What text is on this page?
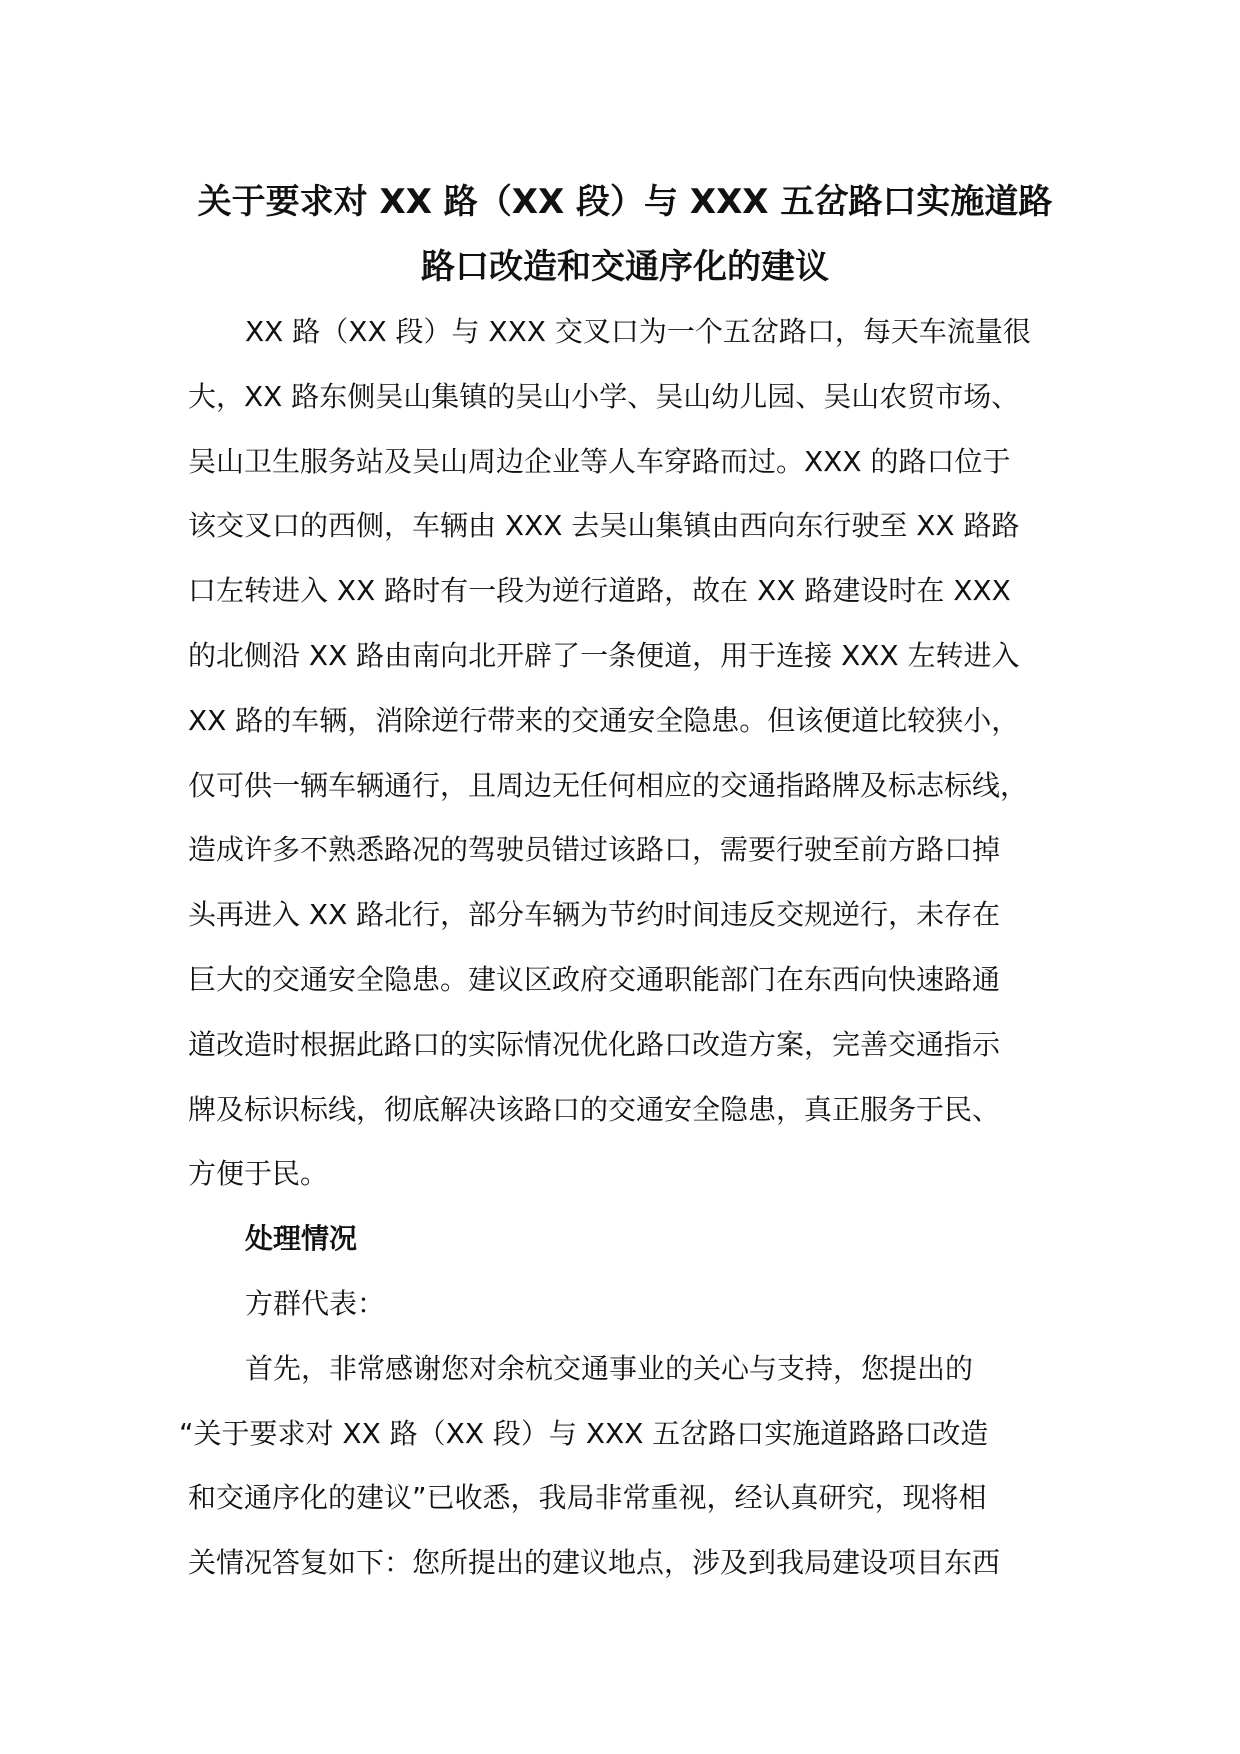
关于要求对 XX 路（XX 段）与 XXX 五岔路口实施道路

路口改造和交通序化的建议

XX 路（XX 段）与 XXX 交叉口为一个五岔路口，每天车流量很

大，XX 路东侧吴山集镇的吴山小学、吴山幼儿园、吴山农贸市场、

吴山卫生服务站及吴山周边企业等人车穿路而过。XXX 的路口位于

该交叉口的西侧，车辆由 XXX 去吴山集镇由西向东行驶至 XX 路路

口左转进入 XX 路时有一段为逆行道路，故在 XX 路建设时在 XXX

的北侧沿 XX 路由南向北开辟了一条便道，用于连接 XXX 左转进入

XX 路的车辆，消除逆行带来的交通安全隐患。但该便道比较狭小，

仅可供一辆车辆通行，且周边无任何相应的交通指路牌及标志标线，

造成许多不熟悉路况的驾驶员错过该路口，需要行驶至前方路口掉

头再进入 XX 路北行，部分车辆为节约时间违反交规逆行，未存在

巨大的交通安全隐患。建议区政府交通职能部门在东西向快速路通

道改造时根据此路口的实际情况优化路口改造方案，完善交通指示

牌及标识标线，彻底解决该路口的交通安全隐患，真正服务于民、

方便于民。

处理情况

方群代表：

首先，非常感谢您对余杭交通事业的关心与支持，您提出的

“关于要求对 XX 路（XX 段）与 XXX 五岔路口实施道路路口改造

和交通序化的建议”已收悉，我局非常重视，经认真研究，现将相

关情况答复如下：您所提出的建议地点，涉及到我局建设项目东西
